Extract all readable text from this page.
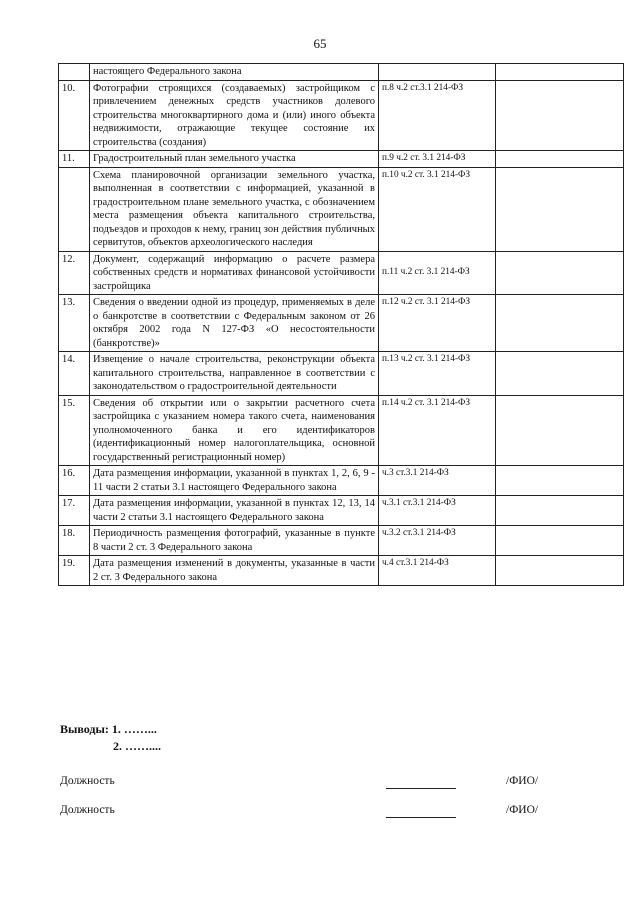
65
	настоящего Федерального закона		
10.	Фотографии строящихся (создаваемых) застройщиком с привлечением денежных средств участников долевого строительства многоквартирного дома и (или) иного объекта недвижимости, отражающие текущее состояние их строительства (создания)	п.8 ч.2 ст.3.1 214-ФЗ	
11.	Градостроительный план земельного участка	п.9 ч.2 ст. 3.1 214-ФЗ	
	Схема планировочной организации земельного участка, выполненная в соответствии с информацией, указанной в градостроительном плане земельного участка, с обозначением места размещения объекта капитального строительства, подъездов и проходов к нему, границ зон действия публичных сервитутов, объектов археологического наследия	п.10 ч.2 ст. 3.1 214-ФЗ	
12.	Документ, содержащий информацию о расчете размера собственных средств и нормативах финансовой устойчивости застройщика	п.11 ч.2 ст. 3.1 214-ФЗ	
13.	Сведения о введении одной из процедур, применяемых в деле о банкротстве в соответствии с Федеральным законом от 26 октября 2002 года N 127-ФЗ «О несостоятельности (банкротстве)»	п.12 ч.2 ст. 3.1 214-ФЗ	
14.	Извещение о начале строительства, реконструкции объекта капитального строительства, направленное в соответствии с законодательством о градостроительной деятельности	п.13 ч.2 ст. 3.1 214-ФЗ	
15.	Сведения об открытии или о закрытии расчетного счета застройщика с указанием номера такого счета, наименования уполномоченного банка и его идентификаторов (идентификационный номер налогоплательщика, основной государственный регистрационный номер)	п.14 ч.2 ст. 3.1 214-ФЗ	
16.	Дата размещения информации, указанной в пунктах 1, 2, 6, 9 - 11 части 2 статьи 3.1 настоящего Федерального закона	ч.3 ст.3.1 214-ФЗ	
17.	Дата размещения информации, указанной в пунктах 12, 13, 14 части 2 статьи 3.1 настоящего Федерального закона	ч.3.1 ст.3.1 214-ФЗ	
18.	Периодичность размещения фотографий, указанные в пункте 8 части 2 ст. 3 Федерального закона	ч.3.2 ст.3.1 214-ФЗ	
19.	Дата размещения изменений в документы, указанные в части 2 ст. 3 Федерального закона	ч.4 ст.3.1 214-ФЗ	
Выводы: 1. ……...
2. ……....
Должность	/ФИО/
Должность	/ФИО/
